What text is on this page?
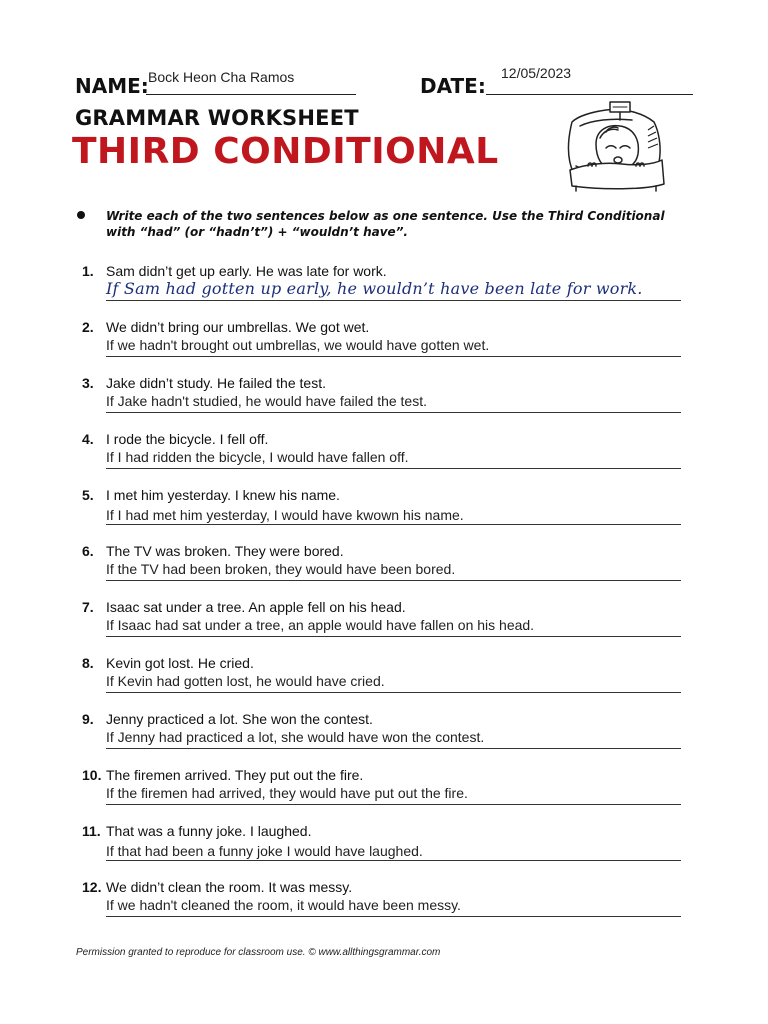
NAME: Bock Heon Cha Ramos	DATE:
12/05/2023
GRAMMAR WORKSHEET
THIRD CONDITIONAL
Write each of the two sentences below as one sentence. Use the Third Conditional with “had” (or “hadn’t”) + “wouldn’t have”.
1. Sam didn’t get up early. He was late for work.
If Sam had gotten up early, he wouldn’t have been late for work.
2. We didn’t bring our umbrellas. We got wet.
If we hadn't brought out umbrellas, we would have gotten wet.
3. Jake didn’t study. He failed the test.
If Jake hadn't studied, he would have failed the test.
4. I rode the bicycle. I fell off.
If I had ridden the bicycle, I would have fallen off.
5. I met him yesterday. I knew his name.
If I had met him yesterday, I would have kwown his name.
6. The TV was broken. They were bored.
If the TV had been broken, they would have been bored.
7. Isaac sat under a tree. An apple fell on his head.
If Isaac had sat under a tree, an apple would have fallen on his head.
8. Kevin got lost. He cried.
If Kevin had gotten lost, he would have cried.
9. Jenny practiced a lot. She won the contest.
If Jenny had practiced a lot, she would have won the contest.
10. The firemen arrived. They put out the fire.
If the firemen had arrived, they would have put out the fire.
11. That was a funny joke. I laughed.
If that had been a funny joke I would have laughed.
12. We didn’t clean the room. It was messy.
If we hadn't cleaned the room, it would have been messy.
Permission granted to reproduce for classroom use. © www.allthingsgrammar.com
